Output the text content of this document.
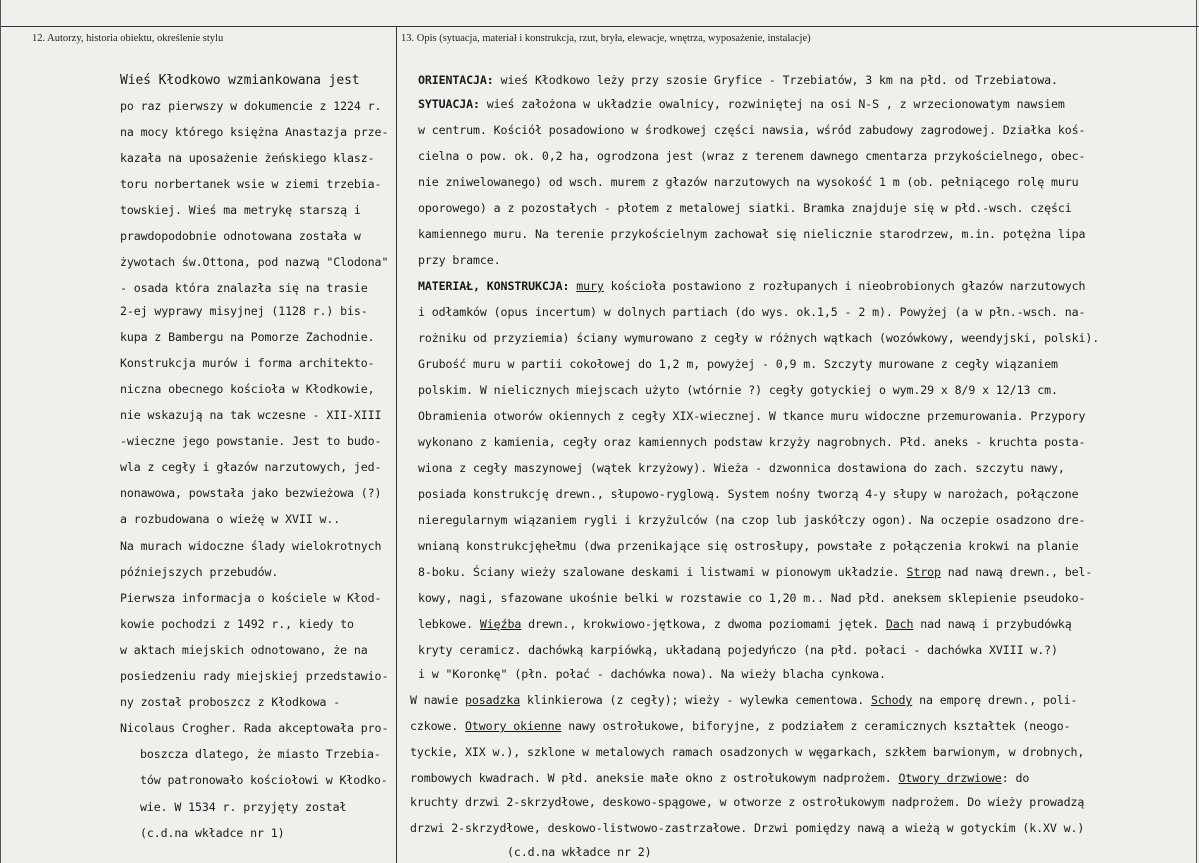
12. Autorzy, historia obiektu, określenie stylu	13. Opis (sytuacja, materiał i konstrukcja, rzut, bryła, elewacje, wnętrza, wyposażenie, instalacje)
Wieś Kłodkowo wzmiankowana jest
po raz pierwszy w dokumencie z 1224 r.
na mocy którego księżna Anastazja prze-
kazała na uposażenie żeńskiego klasz-
toru norbertanek wsie w ziemi trzebia-
towskiej. Wieś ma metrykę starszą i
prawdopodobnie odnotowana została w
żywotach św.Ottona, pod nazwą "Clodona"
- osada która znalazła się na trasie
2-ej wyprawy misyjnej (1128 r.) bis-
kupa z Bambergu na Pomorze Zachodnie.
Konstrukcja murów i forma architekto-
niczna obecnego kościoła w Kłodkowie,
nie wskazują na tak wczesne - XII-XIII
-wieczne jego powstanie. Jest to budo-
wla z cegły i głazów narzutowych, jed-
nonawowa, powstała jako bezwieżowa (?)
a rozbudowana o wieżę w XVII w..
Na murach widoczne ślady wielokrotnych
późniejszych przebudów.
Pierwsza informacja o kościele w Kłod-
kowie pochodzi z 1492 r., kiedy to
w aktach miejskich odnotowano, że na
posiedzeniu rady miejskiej przedstawio-
ny został proboszcz z Kłodkowa -
Nicolaus Crogher. Rada akceptowała pro-
boszcza dlatego, że miasto Trzebia-
tów patronowało kościołowi w Kłodko-
wie. W 1534 r. przyjęty został
(c.d.na wkładce nr 1)
ORIENTACJA: wieś Kłodkowo leży przy szosie Gryfice - Trzebiatów, 3 km na płd. od Trzebiatowa.
SYTUACJA: wieś założona w układzie owalnicy, rozwiniętej na osi N-S , z wrzecionowatym nawsiem
w centrum. Kościół posadowiono w środkowej części nawsia, wśród zabudowy zagrodowej. Działka koś-
cielna o pow. ok. 0,2 ha, ogrodzona jest (wraz z terenem dawnego cmentarza przykościelnego, obec-
nie zniwelowanego) od wsch. murem z głazów narzutowych na wysokość 1 m (ob. pełniącego rolę muru
oporowego) a z pozostałych - płotem z metalowej siatki. Bramka znajduje się w płd.-wsch. części
kamiennego muru. Na terenie przykościelnym zachował się nielicznie starodrzew, m.in. potężna lipa
przy bramce.
MATERIAŁ, KONSTRUKCJA: mury kościoła postawiono z rozłupanych i nieobrobionych głazów narzutowych
i odłamków (opus incertum) w dolnych partiach (do wys. ok.1,5 - 2 m). Powyżej (a w płn.-wsch. na-
rożniku od przyziemia) ściany wymurowano z cegły w różnych wątkach (wozówkowy, weendyjski, polski).
Grubość muru w partii cokołowej do 1,2 m, powyżej - 0,9 m. Szczyty murowane z cegły wiązaniem
polskim. W nielicznych miejscach użyto (wtórnie ?) cegły gotyckiej o wym.29 x 8/9 x 12/13 cm.
Obramienia otworów okiennych z cegły XIX-wiecznej. W tkance muru widoczne przemurowania. Przypory
wykonano z kamienia, cegły oraz kamiennych podstaw krzyży nagrobnych. Płd. aneks - kruchta posta-
wiona z cegły maszynowej (wątek krzyżowy). Wieża - dzwonnica dostawiona do zach. szczytu nawy,
posiada konstrukcję drewn., słupowo-ryglową. System nośny tworzą 4-y słupy w narożach, połączone
nieregularnym wiązaniem rygli i krzyżulców (na czop lub jaskółczy ogon). Na oczepie osadzono dre-
wnianą konstrukcjęhełmu (dwa przenikające się ostrosłupy, powstałe z połączenia krokwi na planie
8-boku. Ściany wieży szalowane deskami i listwami w pionowym układzie. Strop nad nawą drewn., bel-
kowy, nagi, sfazowane ukośnie belki w rozstawie co 1,20 m.. Nad płd. aneksem sklepienie pseudoko-
lebkowe. Więźba drewn., krokwiowo-jętkowa, z dwoma poziomami jętek. Dach nad nawą i przybudówką
kryty ceramicz. dachówką karpiówką, układaną pojedyńczo (na płd. połaci - dachówka XVIII w.?)
i w "Koronkę" (płn. połać - dachówka nowa). Na wieży blacha cynkowa.
W nawie posadzka klinkierowa (z cegły); wieży - wylewka cementowa. Schody na emporę drewn., poli-
czkowe. Otwory okienne nawy ostrołukowe, biforyjne, z podziałem z ceramicznych kształtek (neogo-
tyckie, XIX w.), szklone w metalowych ramach osadzonych w węgarkach, szkłem barwionym, w drobnych,
rombowych kwadrach. W płd. aneksie małe okno z ostrołukowym nadprożem. Otwory drzwiowe: do
kruchty drzwi 2-skrzydłowe, deskowo-spągowe, w otworze z ostrołukowym nadprożem. Do wieży prowadzą
drzwi 2-skrzydłowe, deskowo-listwowo-zastrzałowe. Drzwi pomiędzy nawą a wieżą w gotyckim (k.XV w.)
(c.d.na wkładce nr 2)
